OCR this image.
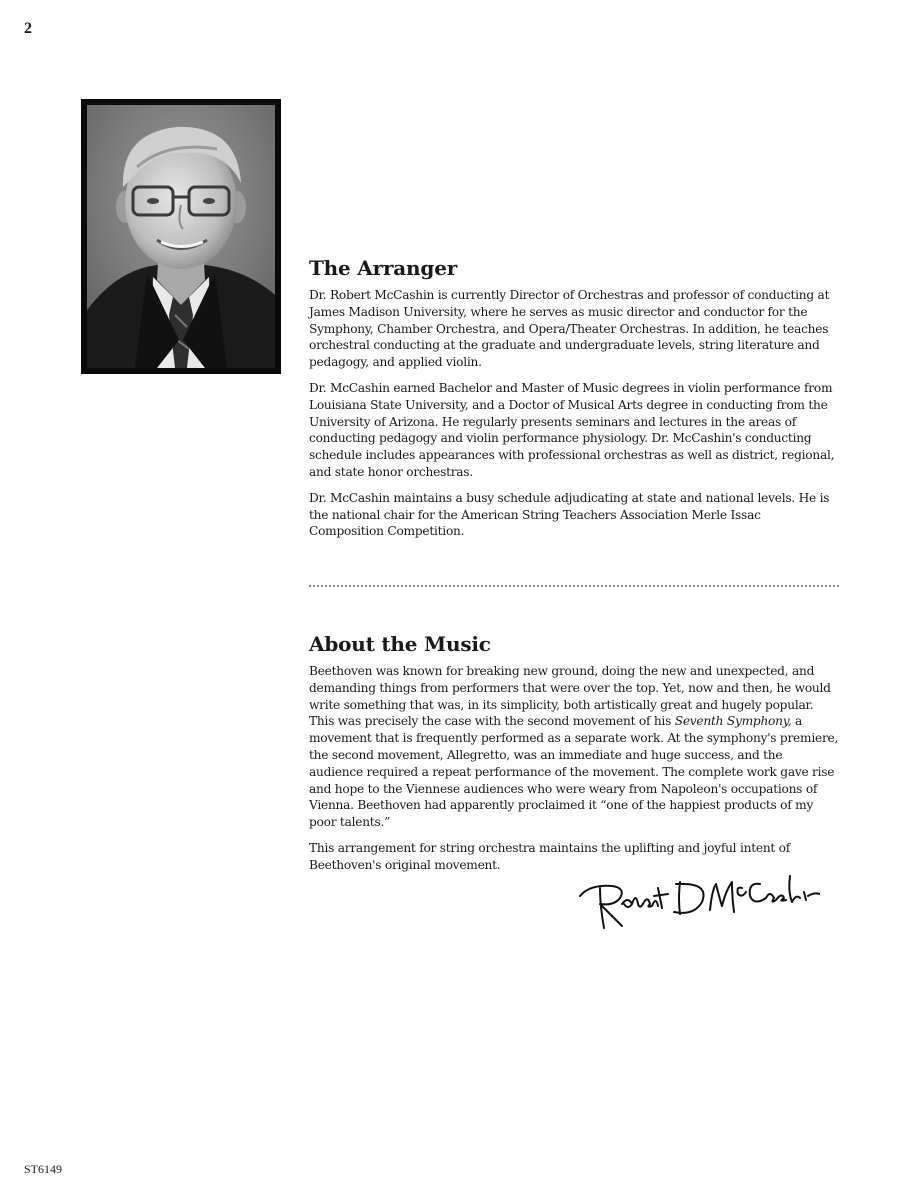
2
The Arranger

Dr. Robert McCashin is currently Director of Orchestras and professor of conducting at James Madison University, where he serves as music director and conductor for the Symphony, Chamber Orchestra, and Opera/Theater Orchestras. In addition, he teaches orchestral conducting at the graduate and undergraduate levels, string literature and pedagogy, and applied violin.

Dr. McCashin earned Bachelor and Master of Music degrees in violin performance from Louisiana State University, and a Doctor of Musical Arts degree in conducting from the University of Arizona. He regularly presents seminars and lectures in the areas of conducting pedagogy and violin performance physiology. Dr. McCashin's conducting schedule includes appearances with professional orchestras as well as district, regional, and state honor orchestras.

Dr. McCashin maintains a busy schedule adjudicating at state and national levels. He is the national chair for the American String Teachers Association Merle Issac Composition Competition.

About the Music

Beethoven was known for breaking new ground, doing the new and unexpected, and demanding things from performers that were over the top. Yet, now and then, he would write something that was, in its simplicity, both artistically great and hugely popular. This was precisely the case with the second movement of his Seventh Symphony, a movement that is frequently performed as a separate work. At the symphony's premiere, the second movement, Allegretto, was an immediate and huge success, and the audience required a repeat performance of the movement. The complete work gave rise and hope to the Viennese audiences who were weary from Napoleon's occupations of Vienna. Beethoven had apparently proclaimed it “one of the happiest products of my poor talents.”

This arrangement for string orchestra maintains the uplifting and joyful intent of Beethoven's original movement.

ST6149
